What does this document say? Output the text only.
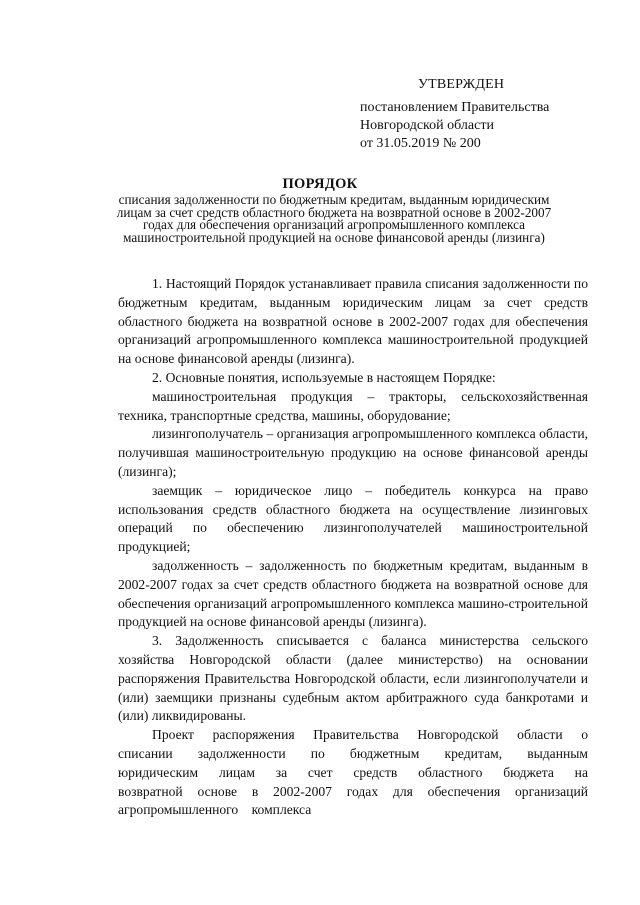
УТВЕРЖДЕН

постановлением Правительства

Новгородской области

от 31.05.2019 № 200

ПОРЯДОК

списания задолженности по бюджетным кредитам, выданным юридическим лицам за счет средств областного бюджета на возвратной основе в 2002-2007 годах для обеспечения организаций агропромышленного комплекса машиностроительной продукцией на основе финансовой аренды (лизинга)

1. Настоящий Порядок устанавливает правила списания задолженности по бюджетным кредитам, выданным юридическим лицам за счет средств областного бюджета на возвратной основе в 2002-2007 годах для обеспечения организаций агропромышленного комплекса машиностроительной продукцией на основе финансовой аренды (лизинга).

2. Основные понятия, используемые в настоящем Порядке:

машиностроительная продукция – тракторы, сельскохозяйственная техника, транспортные средства, машины, оборудование;

лизингополучатель – организация агропромышленного комплекса области, получившая машиностроительную продукцию на основе финансовой аренды (лизинга);

заемщик – юридическое лицо – победитель конкурса на право использования средств областного бюджета на осуществление лизинговых операций по обеспечению лизингополучателей машиностроительной продукцией;

задолженность – задолженность по бюджетным кредитам, выданным в 2002-2007 годах за счет средств областного бюджета на возвратной основе для обеспечения организаций агропромышленного комплекса машино-строительной продукцией на основе финансовой аренды (лизинга).

3. Задолженность списывается с баланса министерства сельского хозяйства Новгородской области (далее министерство) на основании распоряжения Правительства Новгородской области, если лизингополучатели и (или) заемщики признаны судебным актом арбитражного суда банкротами и (или) ликвидированы.

Проект распоряжения Правительства Новгородской области о списании задолженности по бюджетным кредитам, выданным юридическим лицам за счет средств областного бюджета на возвратной основе в 2002-2007 годах для обеспечения организаций агропромышленного комплекса
